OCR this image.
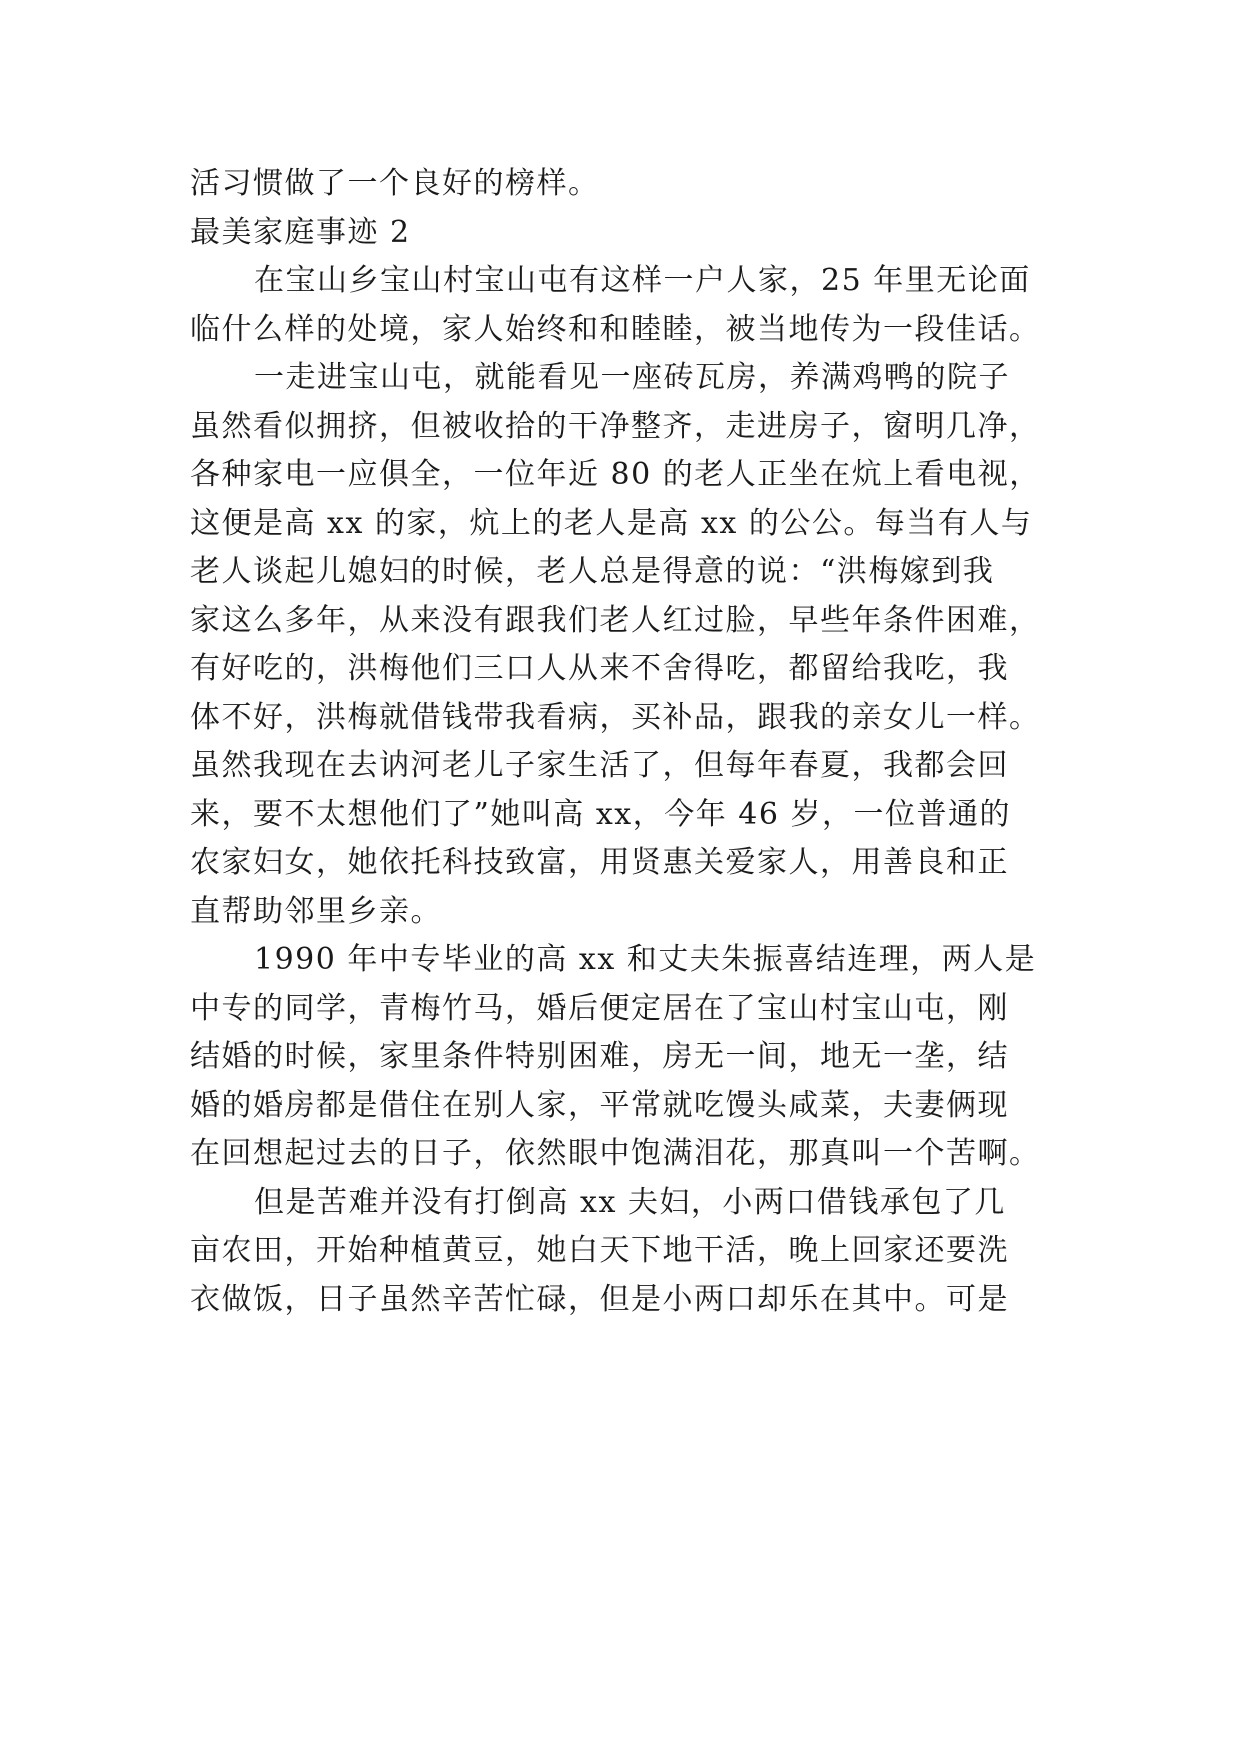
活习惯做了一个良好的榜样。

最美家庭事迹 2

在宝山乡宝山村宝山屯有这样一户人家，25 年里无论面

临什么样的处境，家人始终和和睦睦，被当地传为一段佳话。

一走进宝山屯，就能看见一座砖瓦房，养满鸡鸭的院子

虽然看似拥挤，但被收拾的干净整齐，走进房子，窗明几净，

各种家电一应俱全，一位年近 80 的老人正坐在炕上看电视，

这便是高 xx 的家，炕上的老人是高 xx 的公公。每当有人与

老人谈起儿媳妇的时候，老人总是得意的说：“洪梅嫁到我

家这么多年，从来没有跟我们老人红过脸，早些年条件困难，

有好吃的，洪梅他们三口人从来不舍得吃，都留给我吃，我

体不好，洪梅就借钱带我看病，买补品，跟我的亲女儿一样。

虽然我现在去讷河老儿子家生活了，但每年春夏，我都会回

来，要不太想他们了”她叫高 xx，今年 46 岁，一位普通的

农家妇女，她依托科技致富，用贤惠关爱家人，用善良和正

直帮助邻里乡亲。

1990 年中专毕业的高 xx 和丈夫朱振喜结连理，两人是

中专的同学，青梅竹马，婚后便定居在了宝山村宝山屯，刚

结婚的时候，家里条件特别困难，房无一间，地无一垄，结

婚的婚房都是借住在别人家，平常就吃馒头咸菜，夫妻俩现

在回想起过去的日子，依然眼中饱满泪花，那真叫一个苦啊。

但是苦难并没有打倒高 xx 夫妇，小两口借钱承包了几

亩农田，开始种植黄豆，她白天下地干活，晚上回家还要洗

衣做饭，日子虽然辛苦忙碌，但是小两口却乐在其中。可是
